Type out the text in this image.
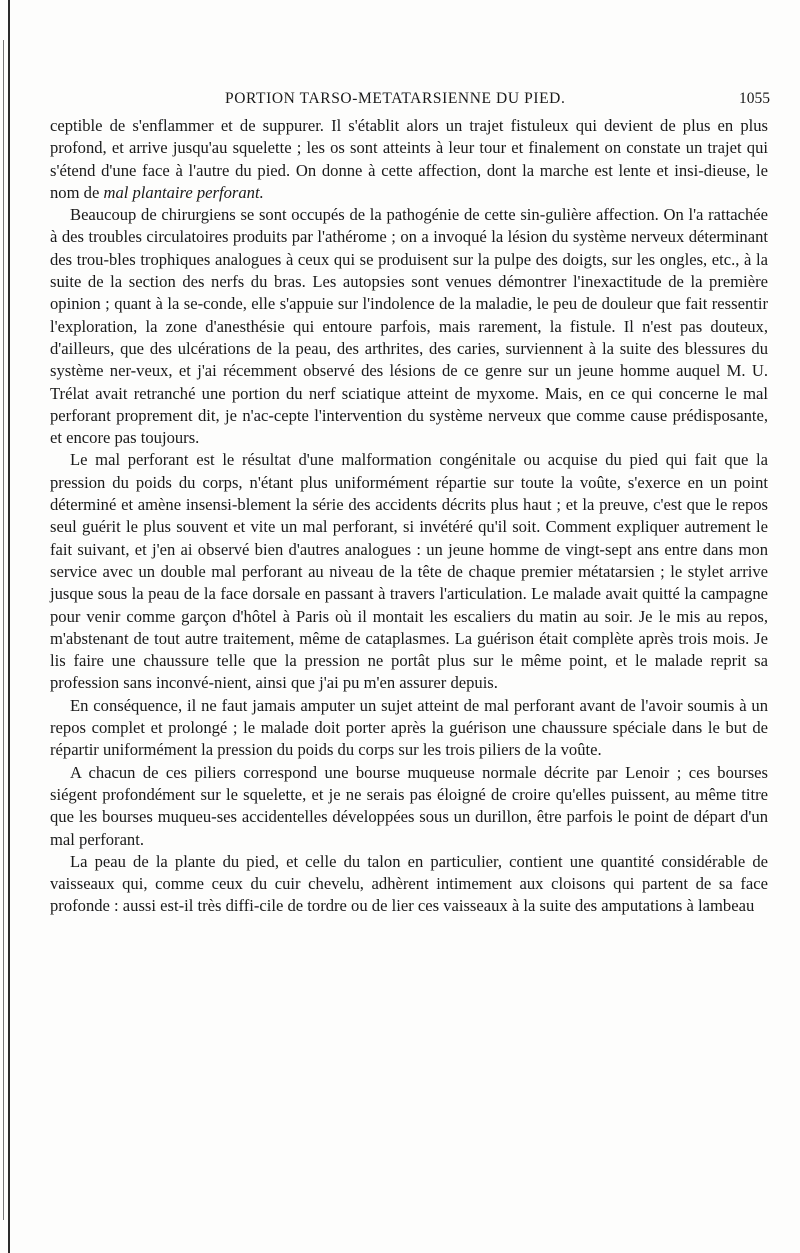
PORTION TARSO-METATARSIENNE DU PIED.	1055

ceptible de s'enflammer et de suppurer. Il s'établit alors un trajet fistuleux qui devient de plus en plus profond, et arrive jusqu'au squelette ; les os sont atteints à leur tour et finalement on constate un trajet qui s'étend d'une face à l'autre du pied. On donne à cette affection, dont la marche est lente et insi-dieuse, le nom de mal plantaire perforant.

Beaucoup de chirurgiens se sont occupés de la pathogénie de cette sin-gulière affection. On l'a rattachée à des troubles circulatoires produits par l'athérome ; on a invoqué la lésion du système nerveux déterminant des trou-bles trophiques analogues à ceux qui se produisent sur la pulpe des doigts, sur les ongles, etc., à la suite de la section des nerfs du bras. Les autopsies sont venues démontrer l'inexactitude de la première opinion ; quant à la se-conde, elle s'appuie sur l'indolence de la maladie, le peu de douleur que fait ressentir l'exploration, la zone d'anesthésie qui entoure parfois, mais rarement, la fistule. Il n'est pas douteux, d'ailleurs, que des ulcérations de la peau, des arthrites, des caries, surviennent à la suite des blessures du système ner-veux, et j'ai récemment observé des lésions de ce genre sur un jeune homme auquel M. U. Trélat avait retranché une portion du nerf sciatique atteint de myxome. Mais, en ce qui concerne le mal perforant proprement dit, je n'ac-cepte l'intervention du système nerveux que comme cause prédisposante, et encore pas toujours.

Le mal perforant est le résultat d'une malformation congénitale ou acquise du pied qui fait que la pression du poids du corps, n'étant plus uniformément répartie sur toute la voûte, s'exerce en un point déterminé et amène insensi-blement la série des accidents décrits plus haut ; et la preuve, c'est que le repos seul guérit le plus souvent et vite un mal perforant, si invétéré qu'il soit. Comment expliquer autrement le fait suivant, et j'en ai observé bien d'autres analogues : un jeune homme de vingt-sept ans entre dans mon service avec un double mal perforant au niveau de la tête de chaque premier métatarsien ; le stylet arrive jusque sous la peau de la face dorsale en passant à travers l'articulation. Le malade avait quitté la campagne pour venir comme garçon d'hôtel à Paris où il montait les escaliers du matin au soir. Je le mis au repos, m'abstenant de tout autre traitement, même de cataplasmes. La guérison était complète après trois mois. Je lis faire une chaussure telle que la pression ne portât plus sur le même point, et le malade reprit sa profession sans inconvé-nient, ainsi que j'ai pu m'en assurer depuis.

En conséquence, il ne faut jamais amputer un sujet atteint de mal perforant avant de l'avoir soumis à un repos complet et prolongé ; le malade doit porter après la guérison une chaussure spéciale dans le but de répartir uniformément la pression du poids du corps sur les trois piliers de la voûte.

A chacun de ces piliers correspond une bourse muqueuse normale décrite par Lenoir ; ces bourses siégent profondément sur le squelette, et je ne serais pas éloigné de croire qu'elles puissent, au même titre que les bourses muqueu-ses accidentelles développées sous un durillon, être parfois le point de départ d'un mal perforant.

La peau de la plante du pied, et celle du talon en particulier, contient une quantité considérable de vaisseaux qui, comme ceux du cuir chevelu, adhèrent intimement aux cloisons qui partent de sa face profonde : aussi est-il très diffi-cile de tordre ou de lier ces vaisseaux à la suite des amputations à lambeau
